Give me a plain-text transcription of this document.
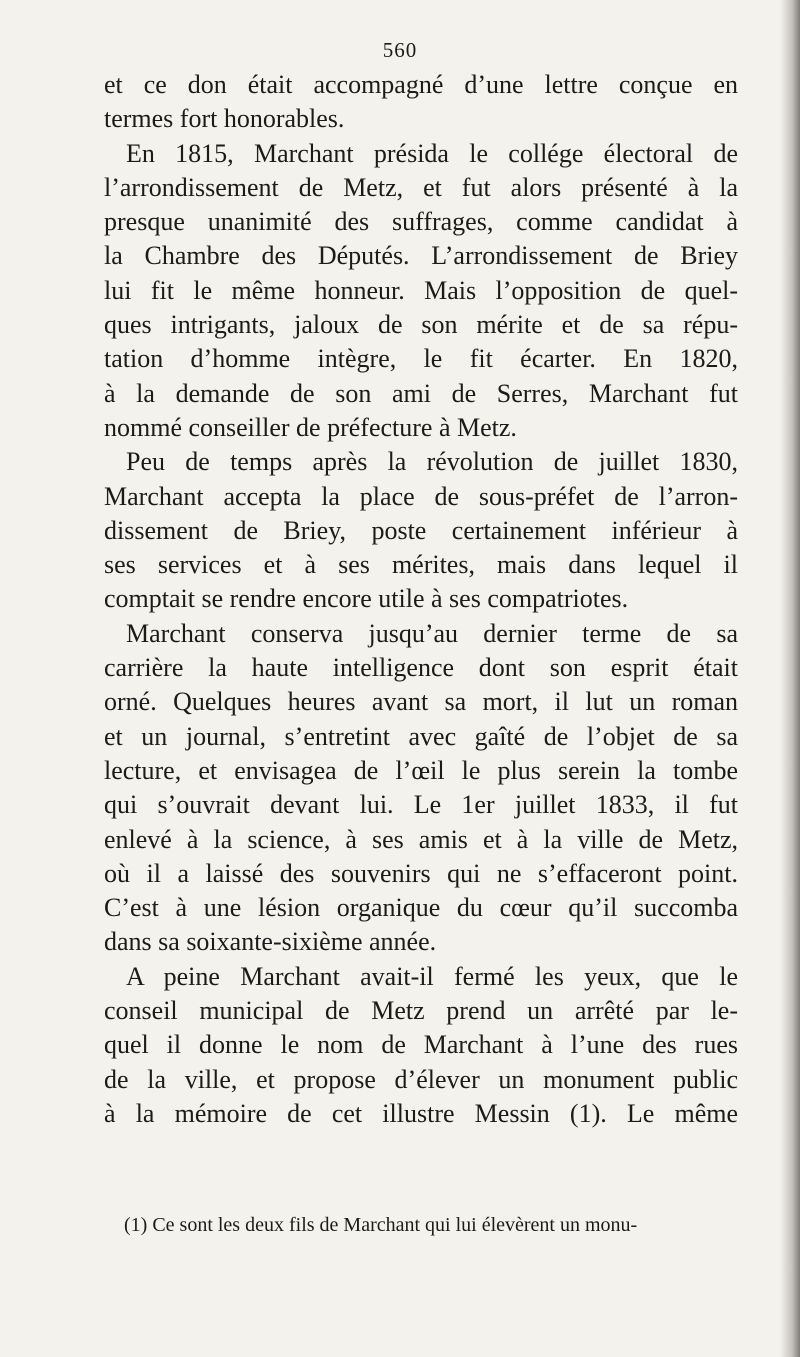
560
et ce don était accompagné d’une lettre conçue en
termes fort honorables.
En 1815, Marchant présida le collége électoral de
l’arrondissement de Metz, et fut alors présenté à la
presque unanimité des suffrages, comme candidat à
la Chambre des Députés. L’arrondissement de Briey
lui fit le même honneur. Mais l’opposition de quel-
ques intrigants, jaloux de son mérite et de sa répu-
tation d’homme intègre, le fit écarter. En 1820,
à la demande de son ami de Serres, Marchant fut
nommé conseiller de préfecture à Metz.
Peu de temps après la révolution de juillet 1830,
Marchant accepta la place de sous-préfet de l’arron-
dissement de Briey, poste certainement inférieur à
ses services et à ses mérites, mais dans lequel il
comptait se rendre encore utile à ses compatriotes.
Marchant conserva jusqu’au dernier terme de sa
carrière la haute intelligence dont son esprit était
orné. Quelques heures avant sa mort, il lut un roman
et un journal, s’entretint avec gaîté de l’objet de sa
lecture, et envisagea de l’œil le plus serein la tombe
qui s’ouvrait devant lui. Le 1er juillet 1833, il fut
enlevé à la science, à ses amis et à la ville de Metz,
où il a laissé des souvenirs qui ne s’effaceront point.
C’est à une lésion organique du cœur qu’il succomba
dans sa soixante-sixième année.
A peine Marchant avait-il fermé les yeux, que le
conseil municipal de Metz prend un arrêté par le-
quel il donne le nom de Marchant à l’une des rues
de la ville, et propose d’élever un monument public
à la mémoire de cet illustre Messin (1). Le même
(1) Ce sont les deux fils de Marchant qui lui élevèrent un monu-
